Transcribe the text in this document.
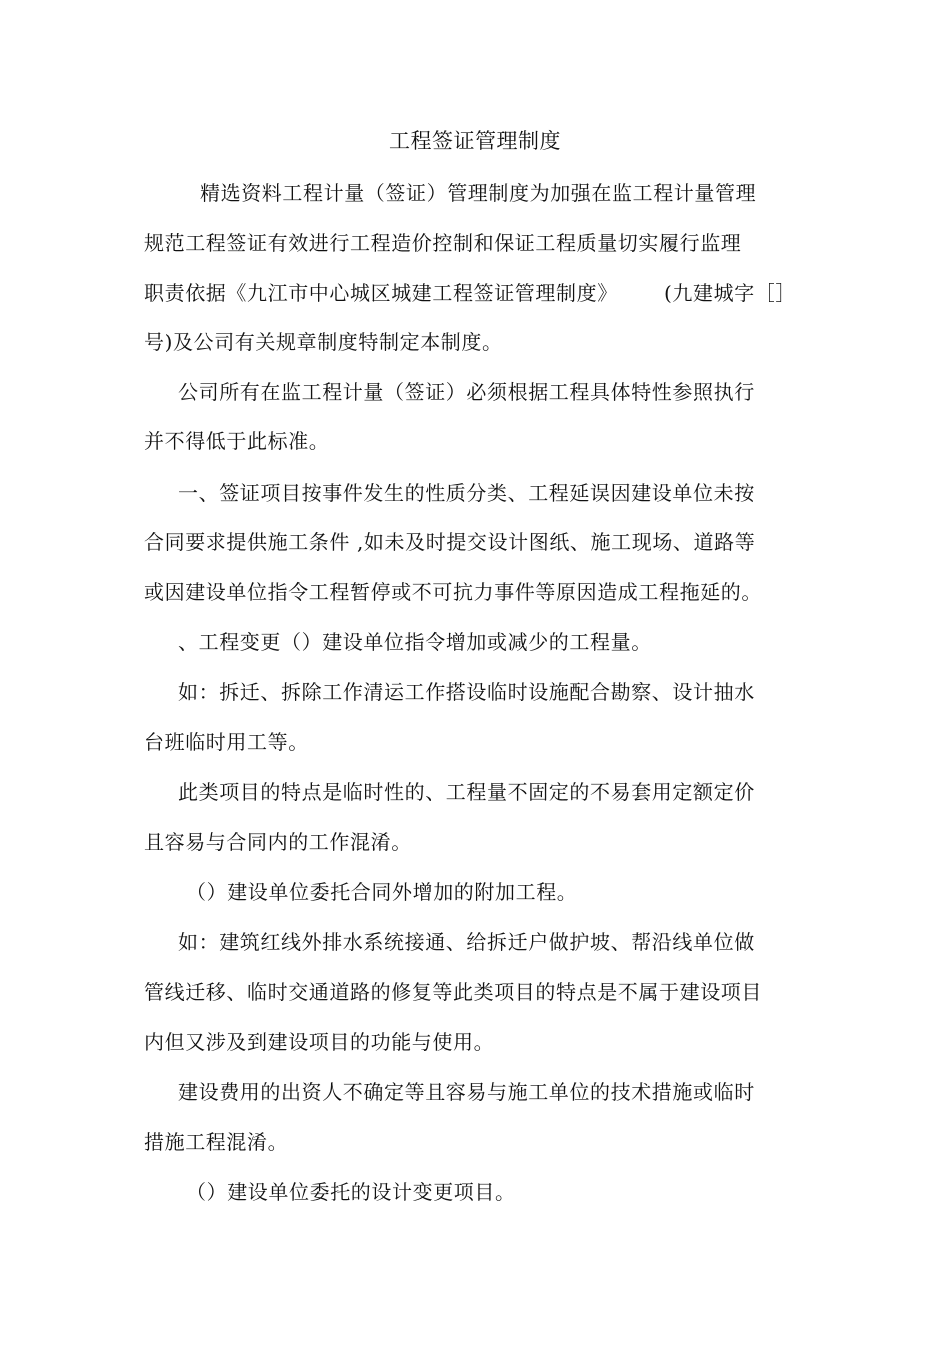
工程签证管理制度
精选资料工程计量（签证）管理制度为加强在监工程计量管理
规范工程签证有效进行工程造价控制和保证工程质量切实履行监理
职责依据《九江市中心城区城建工程签证管理制度》 (九建城字［］
号)及公司有关规章制度特制定本制度。
公司所有在监工程计量（签证）必须根据工程具体特性参照执行
并不得低于此标准。
一、签证项目按事件发生的性质分类、工程延误因建设单位未按
合同要求提供施工条件 ,如未及时提交设计图纸、施工现场、道路等
或因建设单位指令工程暂停或不可抗力事件等原因造成工程拖延的。
、工程变更（）建设单位指令增加或减少的工程量。
如：拆迁、拆除工作清运工作搭设临时设施配合勘察、设计抽水
台班临时用工等。
此类项目的特点是临时性的、工程量不固定的不易套用定额定价
且容易与合同内的工作混淆。
（）建设单位委托合同外增加的附加工程。
如：建筑红线外排水系统接通、给拆迁户做护坡、帮沿线单位做
管线迁移、临时交通道路的修复等此类项目的特点是不属于建设项目
内但又涉及到建设项目的功能与使用。
建设费用的出资人不确定等且容易与施工单位的技术措施或临时
措施工程混淆。
（）建设单位委托的设计变更项目。
